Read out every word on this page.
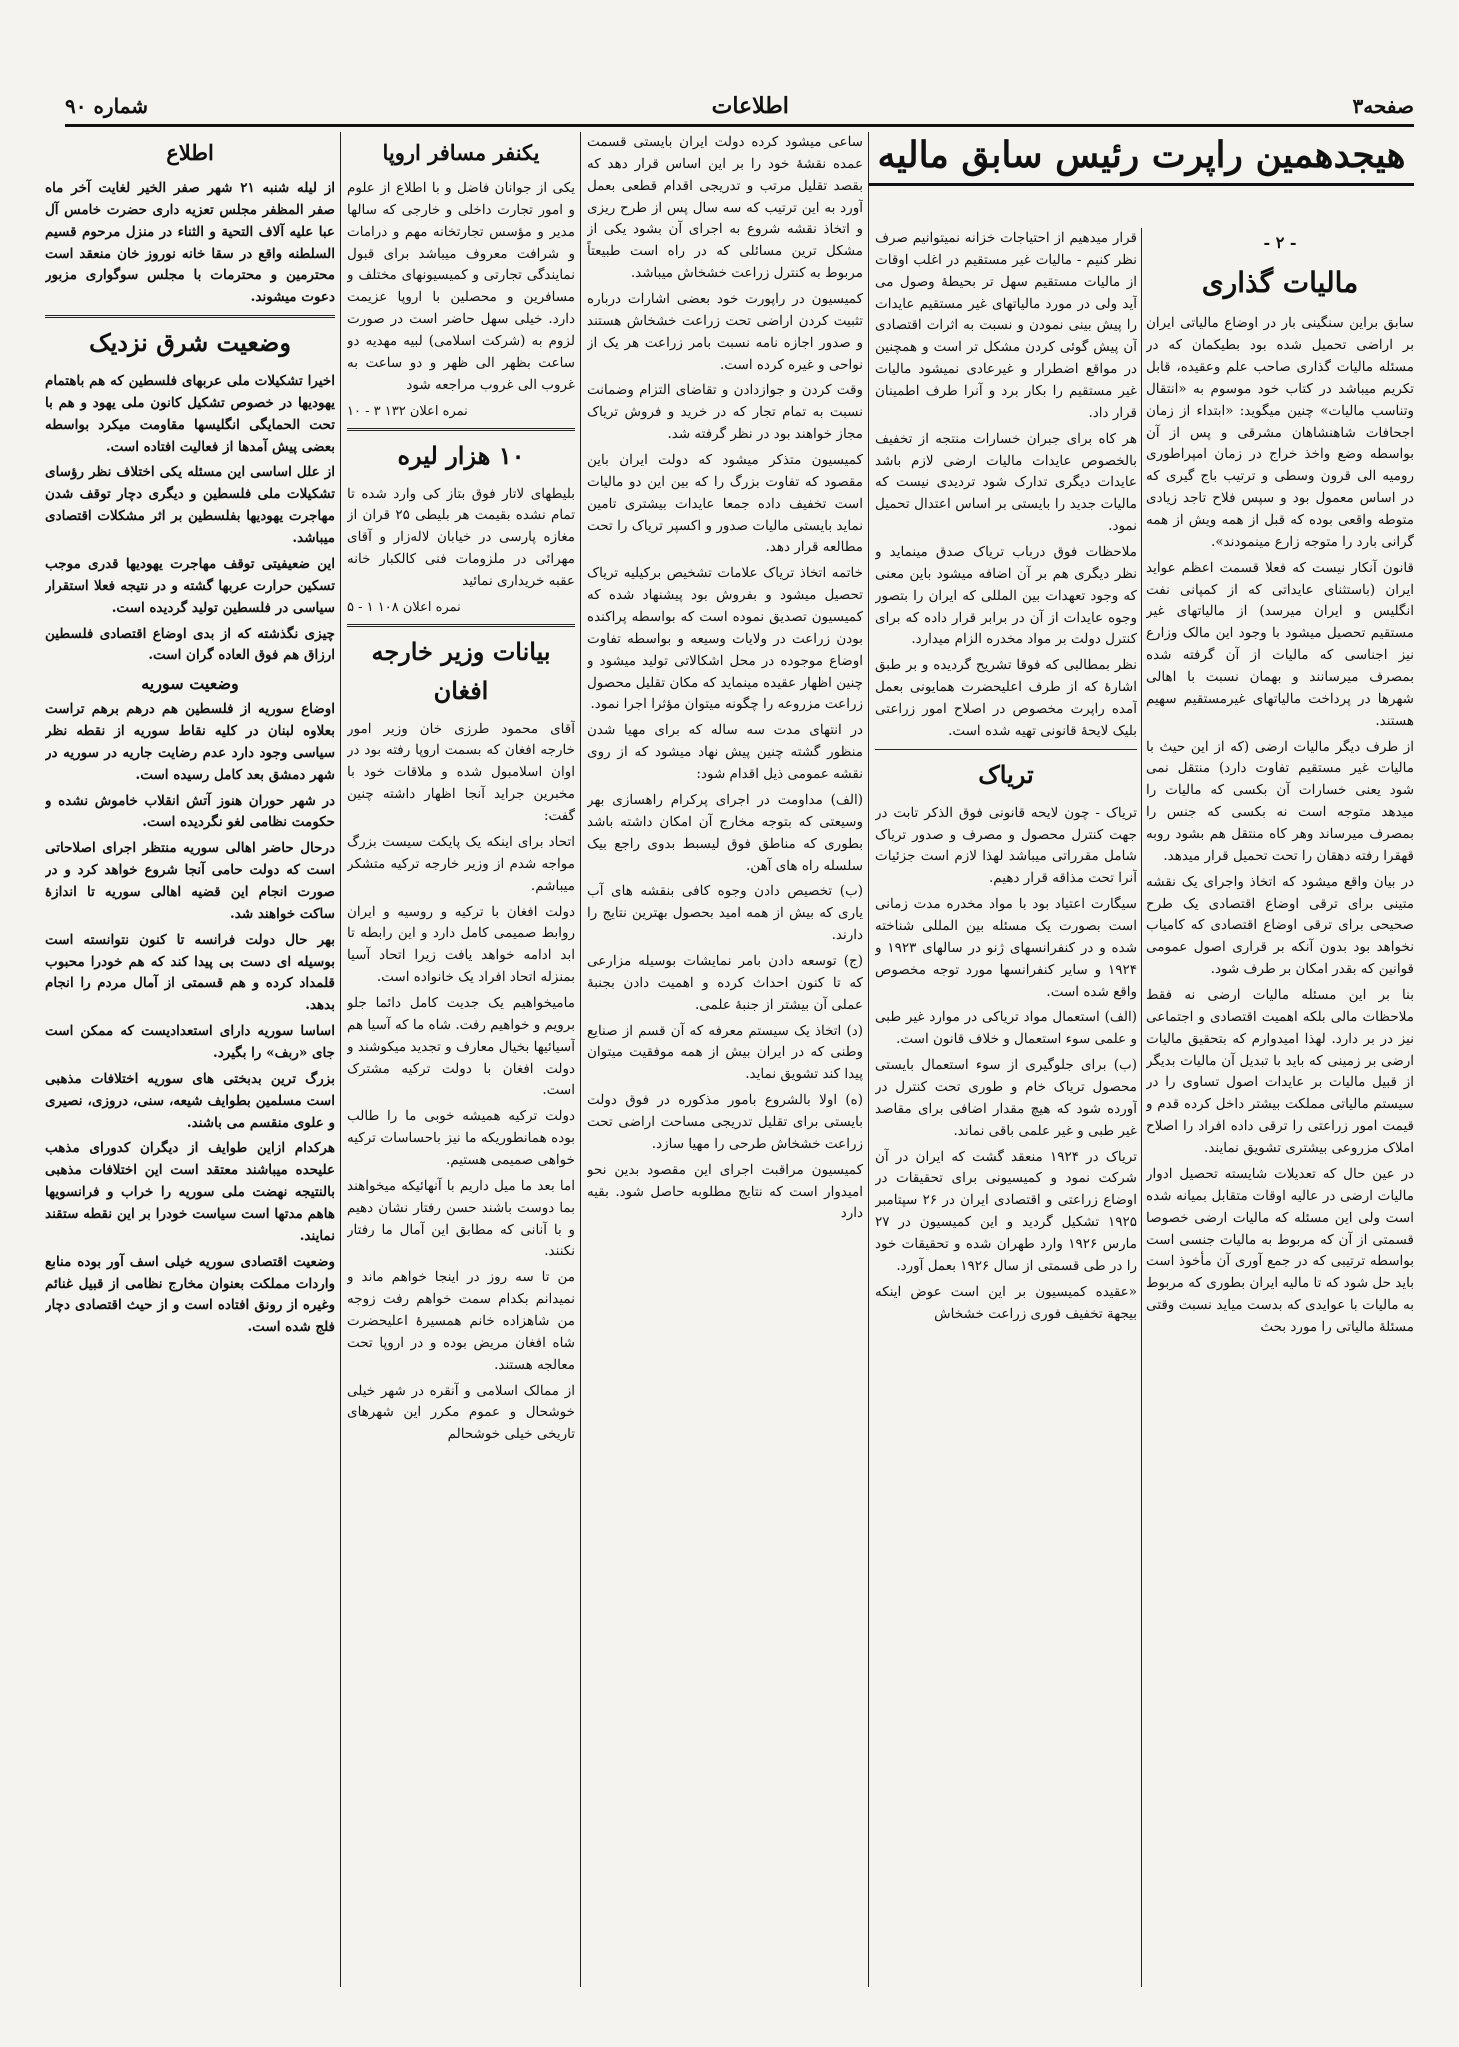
صفحه۳
اطلاعات
شماره ۹۰
هیجدهمین راپرت رئیس سابق مالیه
- ۲ -
مالیات گذاری

سابق براین سنگینی بار در اوضاع مالیاتی ایران بر اراضی تحمیل شده بود بطیکمان که در مسئله مالیات گذاری صاحب علم وعقیده، قابل تکریم میباشد در کتاب خود موسوم به «انتقال وتناسب مالیات» چنین میگوید: «ابتداء از زمان اجحافات شاهنشاهان مشرقی و پس از آن بواسطه وضع واخذ خراج در زمان امپراطوری رومیه الی قرون وسطی و ترتیب باج گیری که در اساس معمول بود و سپس فلاح تاجد زیادی متوطه واقعی بوده که قبل از همه ویش از همه گرانی بارد را متوجه زارع مینمودند».

قانون آنکار نیست که فعلا قسمت اعظم عواید ایران (باستثنای عایداتی که از کمپانی نفت انگلیس و ایران میرسد) از مالیاتهای غیر مستقیم تحصیل میشود با وجود این مالک وزارع نیز اجناسی که مالیات از آن گرفته شده بمصرف میرسانند و بهمان نسبت با اهالی شهرها در پرداخت مالیاتهای غیرمستقیم سهیم هستند.

از طرف دیگر مالیات ارضی (که از این حیث با مالیات غیر مستقیم تفاوت دارد) منتقل نمی شود یعنی خسارات آن بکسی که مالیات را میدهد متوجه است نه بکسی که جنس را بمصرف میرساند وهر کاه منتقل هم بشود روبه قهقرا رفته دهقان را تحت تحمیل قرار میدهد.

در بیان واقع میشود که اتخاذ واجرای یک نقشه متینی برای ترقی اوضاع اقتصادی یک طرح صحیحی برای ترقی اوضاع اقتصادی که کامیاب نخواهد بود بدون آنکه بر قراری اصول عمومی قوانین که بقدر امکان بر طرف شود.

بنا بر این مسئله مالیات ارضی نه فقط ملاحظات مالی بلکه اهمیت اقتصادی و اجتماعی نیز در بر دارد. لهذا امیدوارم که بتحقیق مالیات ارضی بر زمینی که باید با تبدیل آن مالیات بدیگر از قبیل مالیات بر عایدات اصول تساوی را در سیستم مالیاتی مملکت بیشتر داخل کرده قدم و قیمت امور زراعتی را ترقی داده افراد را اصلاح املاک مزروعی بیشتری تشویق نمایند.

در عین حال که تعدیلات شایسته تحصیل ادوار مالیات ارضی در عالیه اوقات متقابل بمیانه شده است ولی این مسئله که مالیات ارضی خصوصا قسمتی از آن که مربوط به مالیات جنسی است بواسطه ترتیبی که در جمع آوری آن مأخوذ است باید حل شود که تا مالیه ایران بطوری که مربوط به مالیات با عوایدی که بدست میاید نسبت وقتی مسئلهٔ مالیاتی را مورد بحث

قرار میدهیم از احتیاجات خزانه نمیتوانیم صرف نظر کنیم - مالیات غیر مستقیم در اغلب اوقات از مالیات مستقیم سهل تر بحیطهٔ وصول می آید ولی در مورد مالیاتهای غیر مستقیم عایدات را پیش بینی نمودن و نسبت به اثرات اقتصادی آن پیش گوئی کردن مشکل تر است و همچنین در مواقع اضطرار و غیرعادی نمیشود مالیات غیر مستقیم را بکار برد و آنرا طرف اطمینان قرار داد.

هر کاه برای جبران خسارات منتجه از تخفیف بالخصوص عایدات مالیات ارضی لازم باشد عایدات دیگری تدارک شود تردیدی نیست که مالیات جدید را بایستی بر اساس اعتدال تحمیل نمود.

ملاحظات فوق درباب تریاک صدق مینماید و نظر دیگری هم بر آن اضافه میشود باین معنی که وجود تعهدات بین المللی که ایران را بتصور وجوه عایدات از آن در برابر قرار داده که برای کنترل دولت بر مواد مخدره الزام میدارد.

نظر بمطالبی که فوقا تشریح گردیده و بر طبق اشارهٔ که از طرف اعلیحضرت همایونی بعمل آمده راپرت مخصوص در اصلاح امور زراعتی بلیک لایحهٔ قانونی تهیه شده است.

تریاک

تریاک - چون لایحه قانونی فوق الذکر تابت در جهت کنترل محصول و مصرف و صدور تریاک شامل مقرراتی میباشد لهذا لازم است جزئیات آنرا تحت مذاقه قرار دهیم.

سیگارت اعتیاد بود با مواد مخدره مدت زمانی است بصورت یک مسئله بین المللی شناخته شده و در کنفرانسهای ژنو در سالهای ۱۹۲۳ و ۱۹۲۴ و سایر کنفرانسها مورد توجه مخصوص واقع شده است.

(الف) استعمال مواد تریاکی در موارد غیر طبی و علمی سوء استعمال و خلاف قانون است.

(ب) برای جلوگیری از سوء استعمال بایستی محصول تریاک خام و طوری تحت کنترل در آورده شود که هیچ مقدار اضافی برای مقاصد غیر طبی و غیر علمی باقی نماند.

تریاک در ۱۹۲۴ منعقد گشت که ایران در آن شرکت نمود و کمیسیونی برای تحقیقات در اوضاع زراعتی و اقتصادی ایران در ۲۶ سپتامبر ۱۹۲۵ تشکیل گردید و این کمیسیون در ۲۷ مارس ۱۹۲۶ وارد طهران شده و تحقیقات خود را در طی قسمتی از سال ۱۹۲۶ بعمل آورد.

«عقیده کمیسیون بر این است عوض اینکه بیجهة تخفیف فوری زراعت خشخاش

ساعی میشود کرده دولت ایران بایستی قسمت عمده نقشهٔ خود را بر این اساس قرار دهد که بقصد تقلیل مرتب و تدریجی اقدام قطعی بعمل آورد به این ترتیب که سه سال پس از طرح ریزی و اتخاذ نقشه شروع به اجرای آن بشود یکی از مشکل ترین مسائلی که در راه است طبیعتاً مربوط به کنترل زراعت خشخاش میباشد.

کمیسیون در راپورت خود بعضی اشارات درباره تثبیت کردن اراضی تحت زراعت خشخاش هستند و صدور اجازه نامه نسبت بامر زراعت هر یک از نواحی و غیره کرده است.

وقت کردن و جوازدادن و تقاضای التزام وضمانت نسبت به تمام تجار که در خرید و فروش تریاک مجاز خواهند بود در نظر گرفته شد.

کمیسیون متذکر میشود که دولت ایران باین مقصود که تفاوت بزرگ را که بین این دو مالیات است تخفیف داده جمعا عایدات بیشتری تامین نماید بایستی مالیات صدور و اکسپر تریاک را تحت مطالعه قرار دهد.

خاتمه اتخاذ تریاک علامات تشخیص برکیلیه تریاک تحصیل میشود و بفروش بود پیشنهاد شده که کمیسیون تصدیق نموده است که بواسطه پراکنده بودن زراعت در ولایات وسیعه و بواسطه تفاوت اوضاع موجوده در محل اشکالاتی تولید میشود و چنین اظهار عقیده مینماید که مکان تقلیل محصول زراعت مزروعه را چگونه میتوان مؤثرا اجرا نمود.

در انتهای مدت سه ساله که برای مهیا شدن منظور گشته چنین پیش نهاد میشود که از روی نقشه عمومی ذیل اقدام شود:

(الف) مداومت در اجرای پرکرام راهسازی بهر وسیعتی که بتوجه مخارج آن امکان داشته باشد بطوری که مناطق فوق لیسبط بدوی راجع بیک سلسله راه های آهن.

(ب) تخصیص دادن وجوه کافی بنقشه های آب یاری که بیش از همه امید بحصول بهترین نتایج را دارند.

(ج) توسعه دادن بامر نمایشات بوسیله مزارعی که تا کنون احداث کرده و اهمیت دادن بجنبهٔ عملی آن بیشتر از جنبهٔ علمی.

(د) اتخاذ یک سیستم معرفه که آن قسم از صنایع وطنی که در ایران بیش از همه موفقیت میتوان پیدا کند تشویق نماید.

(ه) اولا بالشروع بامور مذکوره در فوق دولت بایستی برای تقلیل تدریجی مساحت اراضی تحت زراعت خشخاش طرحی را مهیا سازد.

کمیسیون مراقبت اجرای این مقصود بدین نحو امیدوار است که نتایج مطلوبه حاصل شود. بقیه دارد

یکنفر مسافر اروپا

یکی از جوانان فاضل و با اطلاع از علوم و امور تجارت داخلی و خارجی که سالها مدیر و مؤسس تجارتخانه مهم و درامات و شرافت معروف میباشد برای قبول نمایندگی تجارتی و کمیسیونهای مختلف و مسافرین و محصلین با اروپا عزیمت دارد. خیلی سهل حاضر است در صورت لزوم به (شرکت اسلامی) لبیه مهدیه دو ساعت بظهر الی ظهر و دو ساعت به غروب الی غروب مراجعه شود

نمره اعلان ۱۳۲ ۳ - ۱۰

۱۰ هزار لیره

بلیطهای لاتار فوق بتاز کی وارد شده تا تمام نشده بقیمت هر بلیطی ۲۵ قران از مغازه پارسی در خیابان لاله‌زار و آقای مهرائی در ملزومات فنی کالکبار خانه عقبه خریداری نمائید

نمره اعلان ۱۰۸ ۱ - ۵

بیانات وزیر خارجه افغان

آقای محمود طرزی خان وزیر امور خارجه افغان که بسمت اروپا رفته بود در اوان اسلامبول شده و ملاقات خود با مخبرین جراید آنجا اظهار داشته چنین گفت:

اتحاد برای اینکه یک پایکت سیست بزرگ مواجه شدم از وزیر خارجه ترکیه متشکر میباشم.

دولت افغان با ترکیه و روسیه و ایران روابط صمیمی کامل دارد و این رابطه تا ابد ادامه خواهد یافت زیرا اتحاد آسیا بمنزله اتحاد افراد یک خانواده است.

مامیخواهیم یک جدیت کامل دائما جلو برویم و خواهیم رفت. شاه ما که آسیا هم آسیائیها بخیال معارف و تجدید میکوشند و دولت افغان با دولت ترکیه مشترک است.

دولت ترکیه همیشه خوبی ما را طالب بوده همانطوریکه ما نیز باحساسات ترکیه خواهی صمیمی هستیم.

اما بعد ما میل داریم با آنهائیکه میخواهند بما دوست باشند حسن رفتار نشان دهیم و با آنانی که مطابق این آمال ما رفتار نکنند.

من تا سه روز در اینجا خواهم ماند و نمیدانم بکدام سمت خواهم رفت زوجه من شاهزاده خانم همسیرهٔ اعلیحضرت شاه افغان مریض بوده و در اروپا تحت معالجه هستند.

از ممالک اسلامی و آنقره در شهر خیلی خوشحال و عموم مکرر این شهرهای تاریخی خیلی خوشحالم

اطلاع

از لیله شنبه ۲۱ شهر صفر الخیر لغایت آخر ماه صفر المظفر مجلس تعزیه داری حضرت خامس آل عبا علیه آلاف التحیة و الثناء در منزل مرحوم قسیم السلطنه واقع در سقا خانه نوروز خان منعقد است محترمین و محترمات با مجلس سوگواری مزبور دعوت میشوند.

وضعیت شرق نزدیک

اخیرا تشکیلات ملی عربهای فلسطین که هم باهتمام یهودیها در خصوص تشکیل کانون ملی یهود و هم با تحت الحمایگی انگلیسها مقاومت میکرد بواسطه بعضی پیش آمدها از فعالیت افتاده است.

از علل اساسی این مسئله یکی اختلاف نظر رؤسای تشکیلات ملی فلسطین و دیگری دچار توقف شدن مهاجرت یهودیها بفلسطین بر اثر مشکلات اقتصادی میباشد.

این ضعیفیتی توقف مهاجرت یهودیها قدری موجب تسکین حرارت عربها گشته و در نتیجه فعلا استقرار سیاسی در فلسطین تولید گردیده است.

چیزی نگذشته که از بدی اوضاع اقتصادی فلسطین ارزاق هم فوق العاده گران است.

وضعیت سوریه

اوضاع سوریه از فلسطین هم درهم برهم تراست بعلاوه لبنان در کلیه نقاط سوریه از نقطه نظر سیاسی وجود دارد عدم رضایت جاریه در سوریه در شهر دمشق بعد کامل رسیده است.

در شهر حوران هنوز آتش انقلاب خاموش نشده و حکومت نظامی لغو نگردیده است.

درحال حاضر اهالی سوریه منتظر اجرای اصلاحاتی است که دولت حامی آنجا شروع خواهد کرد و در صورت انجام این قضیه اهالی سوریه تا اندازهٔ ساکت خواهند شد.

بهر حال دولت فرانسه تا کنون نتوانسته است بوسیله ای دست بی پیدا کند که هم خودرا محبوب قلمداد کرده و هم قسمتی از آمال مردم را انجام بدهد.

اساسا سوریه دارای استعدادیست که ممکن است جای «ربف» را بگیرد.

بزرگ ترین بدبختی های سوریه اختلافات مذهبی است مسلمین بطوایف شیعه، سنی، دروزی، نصیری و علوی منقسم می باشند.

هرکدام ازاین طوایف از دیگران کدورای مذهب علیحده میباشند معتقد است این اختلافات مذهبی بالنتیجه نهضت ملی سوریه را خراب و فرانسویها هاهم مدتها است سیاست خودرا بر این نقطه ستقند نمایند.

وضعیت اقتصادی سوریه خیلی اسف آور بوده منابع واردات مملکت بعنوان مخارج نظامی از قبیل غنائم وغیره از رونق افتاده است و از حیث اقتصادی دچار فلج شده است.
